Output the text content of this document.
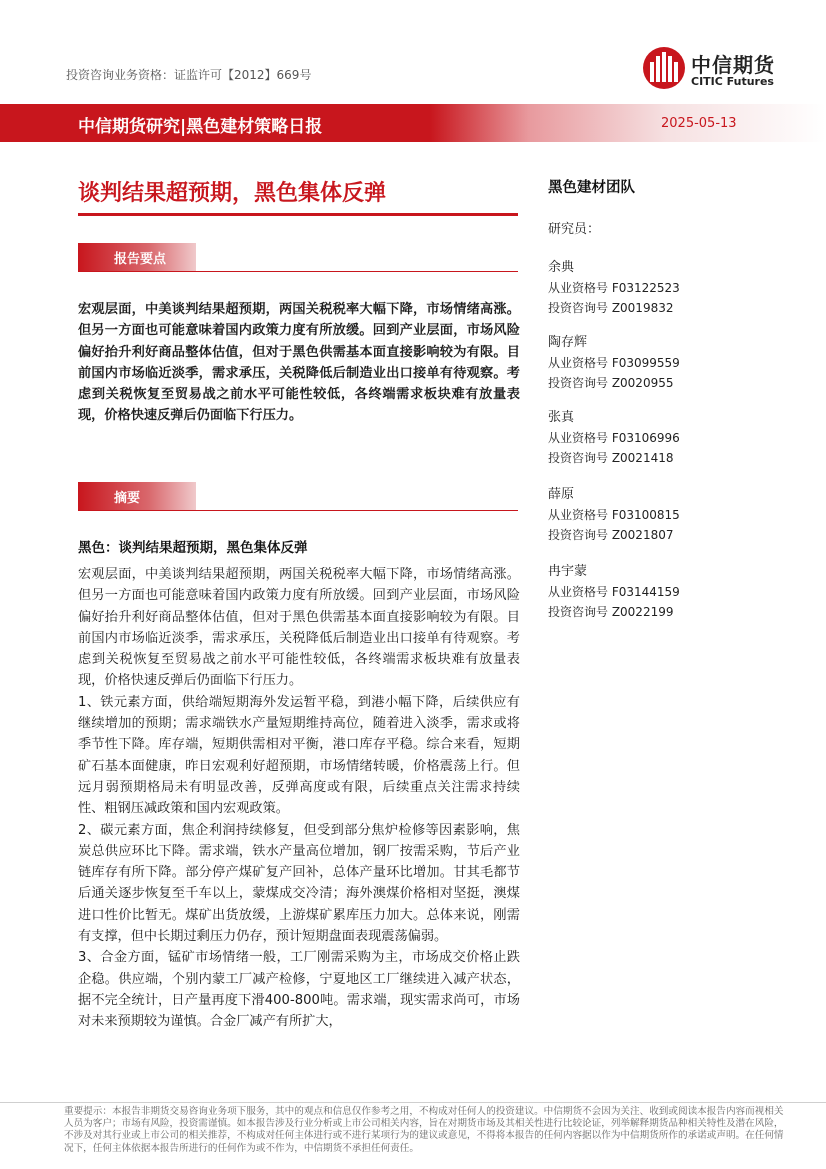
投资咨询业务资格：证监许可【2012】669号	中信期货
CITIC Futures
中信期货研究|黑色建材策略日报	2025-05-13
谈判结果超预期，黑色集体反弹
报告要点
宏观层面，中美谈判结果超预期，两国关税税率大幅下降，市场情绪高涨。但另一方面也可能意味着国内政策力度有所放缓。回到产业层面，市场风险偏好抬升利好商品整体估值，但对于黑色供需基本面直接影响较为有限。目前国内市场临近淡季，需求承压，关税降低后制造业出口接单有待观察。考虑到关税恢复至贸易战之前水平可能性较低，各终端需求板块难有放量表现，价格快速反弹后仍面临下行压力。
摘要
黑色：谈判结果超预期，黑色集体反弹

宏观层面，中美谈判结果超预期，两国关税税率大幅下降，市场情绪高涨。但另一方面也可能意味着国内政策力度有所放缓。回到产业层面，市场风险偏好抬升利好商品整体估值，但对于黑色供需基本面直接影响较为有限。目前国内市场临近淡季，需求承压，关税降低后制造业出口接单有待观察。考虑到关税恢复至贸易战之前水平可能性较低，各终端需求板块难有放量表现，价格快速反弹后仍面临下行压力。

1、铁元素方面，供给端短期海外发运暂平稳，到港小幅下降，后续供应有继续增加的预期；需求端铁水产量短期维持高位，随着进入淡季，需求或将季节性下降。库存端，短期供需相对平衡，港口库存平稳。综合来看，短期矿石基本面健康，昨日宏观利好超预期，市场情绪转暖，价格震荡上行。但远月弱预期格局未有明显改善，反弹高度或有限，后续重点关注需求持续性、粗钢压减政策和国内宏观政策。

2、碳元素方面，焦企利润持续修复，但受到部分焦炉检修等因素影响，焦炭总供应环比下降。需求端，铁水产量高位增加，钢厂按需采购，节后产业链库存有所下降。部分停产煤矿复产回补，总体产量环比增加。甘其毛都节后通关逐步恢复至千车以上，蒙煤成交冷清；海外澳煤价格相对坚挺，澳煤进口性价比暂无。煤矿出货放缓，上游煤矿累库压力加大。总体来说，刚需有支撑，但中长期过剩压力仍存，预计短期盘面表现震荡偏弱。

3、合金方面，锰矿市场情绪一般，工厂刚需采购为主，市场成交价格止跌企稳。供应端，个别内蒙工厂减产检修，宁夏地区工厂继续进入减产状态，据不完全统计，日产量再度下滑400-800吨。需求端，现实需求尚可，市场对未来预期较为谨慎。合金厂减产有所扩大，

黑色建材团队
研究员：
余典
从业资格号 F03122523
投资咨询号 Z0019832
陶存辉
从业资格号 F03099559
投资咨询号 Z0020955
张真
从业资格号 F03106996
投资咨询号 Z0021418
薛原
从业资格号 F03100815
投资咨询号 Z0021807
冉宇蒙
从业资格号 F03144159
投资咨询号 Z0022199
重要提示：本报告非期货交易咨询业务项下服务，其中的观点和信息仅作参考之用，不构成对任何人的投资建议。中信期货不会因为关注、收到或阅读本报告内容而视相关人员为客户；市场有风险，投资需谨慎。如本报告涉及行业分析或上市公司相关内容，旨在对期货市场及其相关性进行比较论证，列举解释期货品种相关特性及潜在风险，不涉及对其行业或上市公司的相关推荐，不构成对任何主体进行或不进行某项行为的建议或意见，不得将本报告的任何内容据以作为中信期货所作的承诺或声明。在任何情况下，任何主体依据本报告所进行的任何作为或不作为，中信期货不承担任何责任。
